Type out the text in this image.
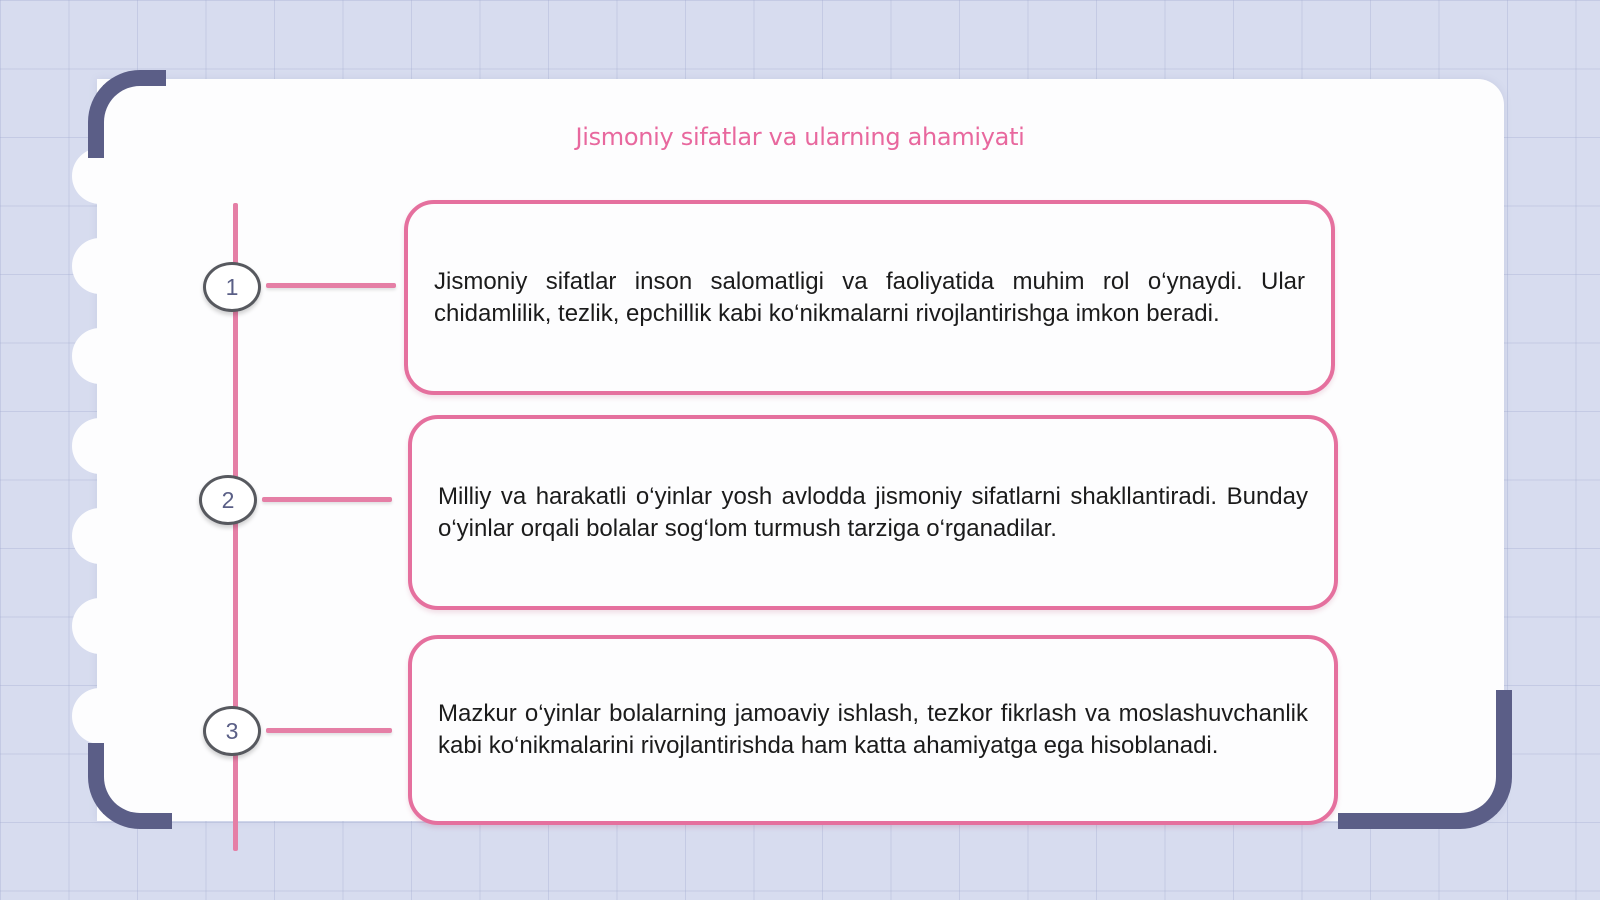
Jismoniy sifatlar va ularning ahamiyati
1	Jismoniy sifatlar inson salomatligi va faoliyatida muhim rol o‘ynaydi. Ular chidamlilik, tezlik, epchillik kabi ko‘nikmalarni rivojlantirishga imkon beradi.

2	Milliy va harakatli o‘yinlar yosh avlodda jismoniy sifatlarni shakllantiradi. Bunday o‘yinlar orqali bolalar sog‘lom turmush tarziga o‘rganadilar.

3

Mazkur o‘yinlar bolalarning jamoaviy ishlash, tezkor fikrlash va moslashuvchanlik kabi ko‘nikmalarini rivojlantirishda ham katta ahamiyatga ega hisoblanadi.
